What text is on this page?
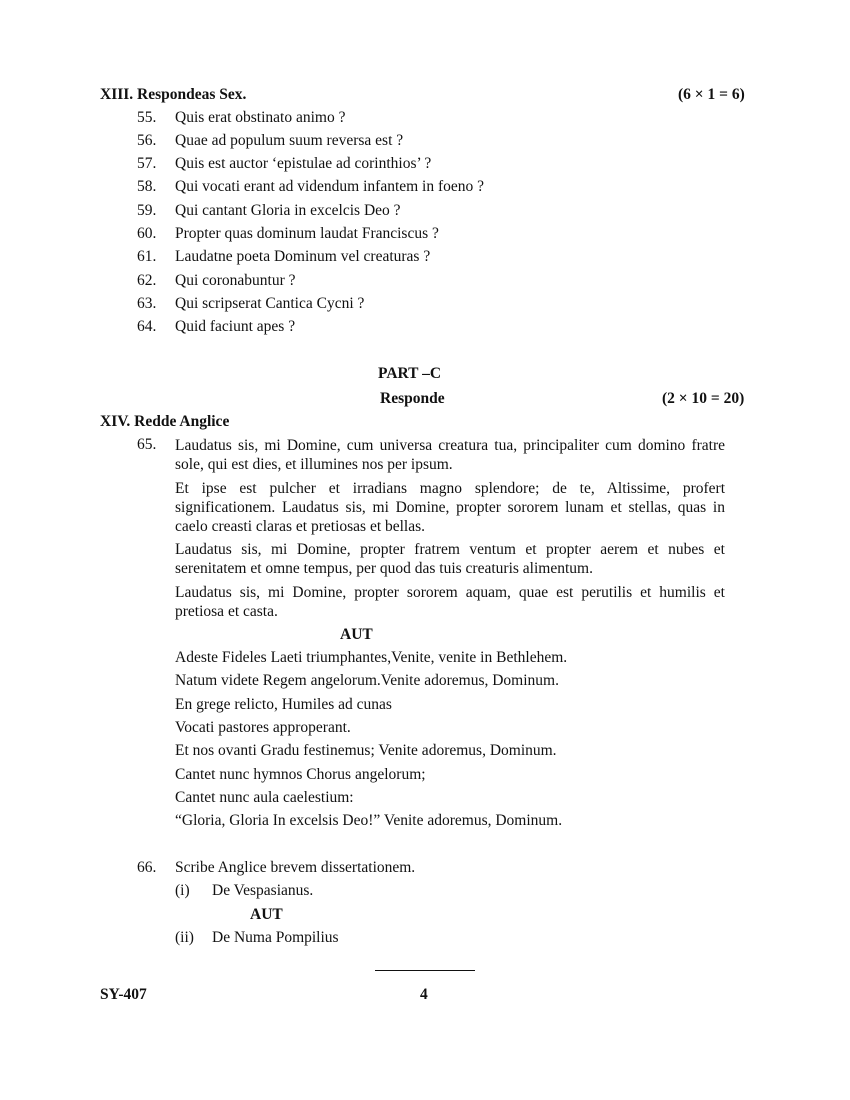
XIII. Respondeas Sex.	(6 × 1 = 6)
55. Quis erat obstinato animo ?
56. Quae ad populum suum reversa est ?
57. Quis est auctor ‘epistulae ad corinthios’ ?
58. Qui vocati erant ad videndum infantem in foeno ?
59. Qui cantant Gloria in excelcis Deo ?
60. Propter quas dominum laudat Franciscus ?
61. Laudatne poeta Dominum vel creaturas ?
62. Qui coronabuntur ?
63. Qui scripserat Cantica Cycni ?
64. Quid faciunt apes ?
PART –C
Responde	(2 × 10 = 20)
XIV. Redde Anglice
65. Laudatus sis, mi Domine, cum universa creatura tua, principaliter cum domino fratre sole, qui est dies, et illumines nos per ipsum.
Et ipse est pulcher et irradians magno splendore; de te, Altissime, profert significationem. Laudatus sis, mi Domine, propter sororem lunam et stellas, quas in caelo creasti claras et pretiosas et bellas.
Laudatus sis, mi Domine, propter fratrem ventum et propter aerem et nubes et serenitatem et omne tempus, per quod das tuis creaturis alimentum.
Laudatus sis, mi Domine, propter sororem aquam, quae est perutilis et humilis et pretiosa et casta.
AUT
Adeste Fideles Laeti triumphantes,Venite, venite in Bethlehem.
Natum videte Regem angelorum.Venite adoremus, Dominum.
En grege relicto, Humiles ad cunas
Vocati pastores approperant.
Et nos ovanti Gradu festinemus; Venite adoremus, Dominum.
Cantet nunc hymnos Chorus angelorum;
Cantet nunc aula caelestium:
“Gloria, Gloria In excelsis Deo!” Venite adoremus, Dominum.
66. Scribe Anglice brevem dissertationem.
(i) De Vespasianus.
AUT
(ii) De Numa Pompilius
SY-407	4
